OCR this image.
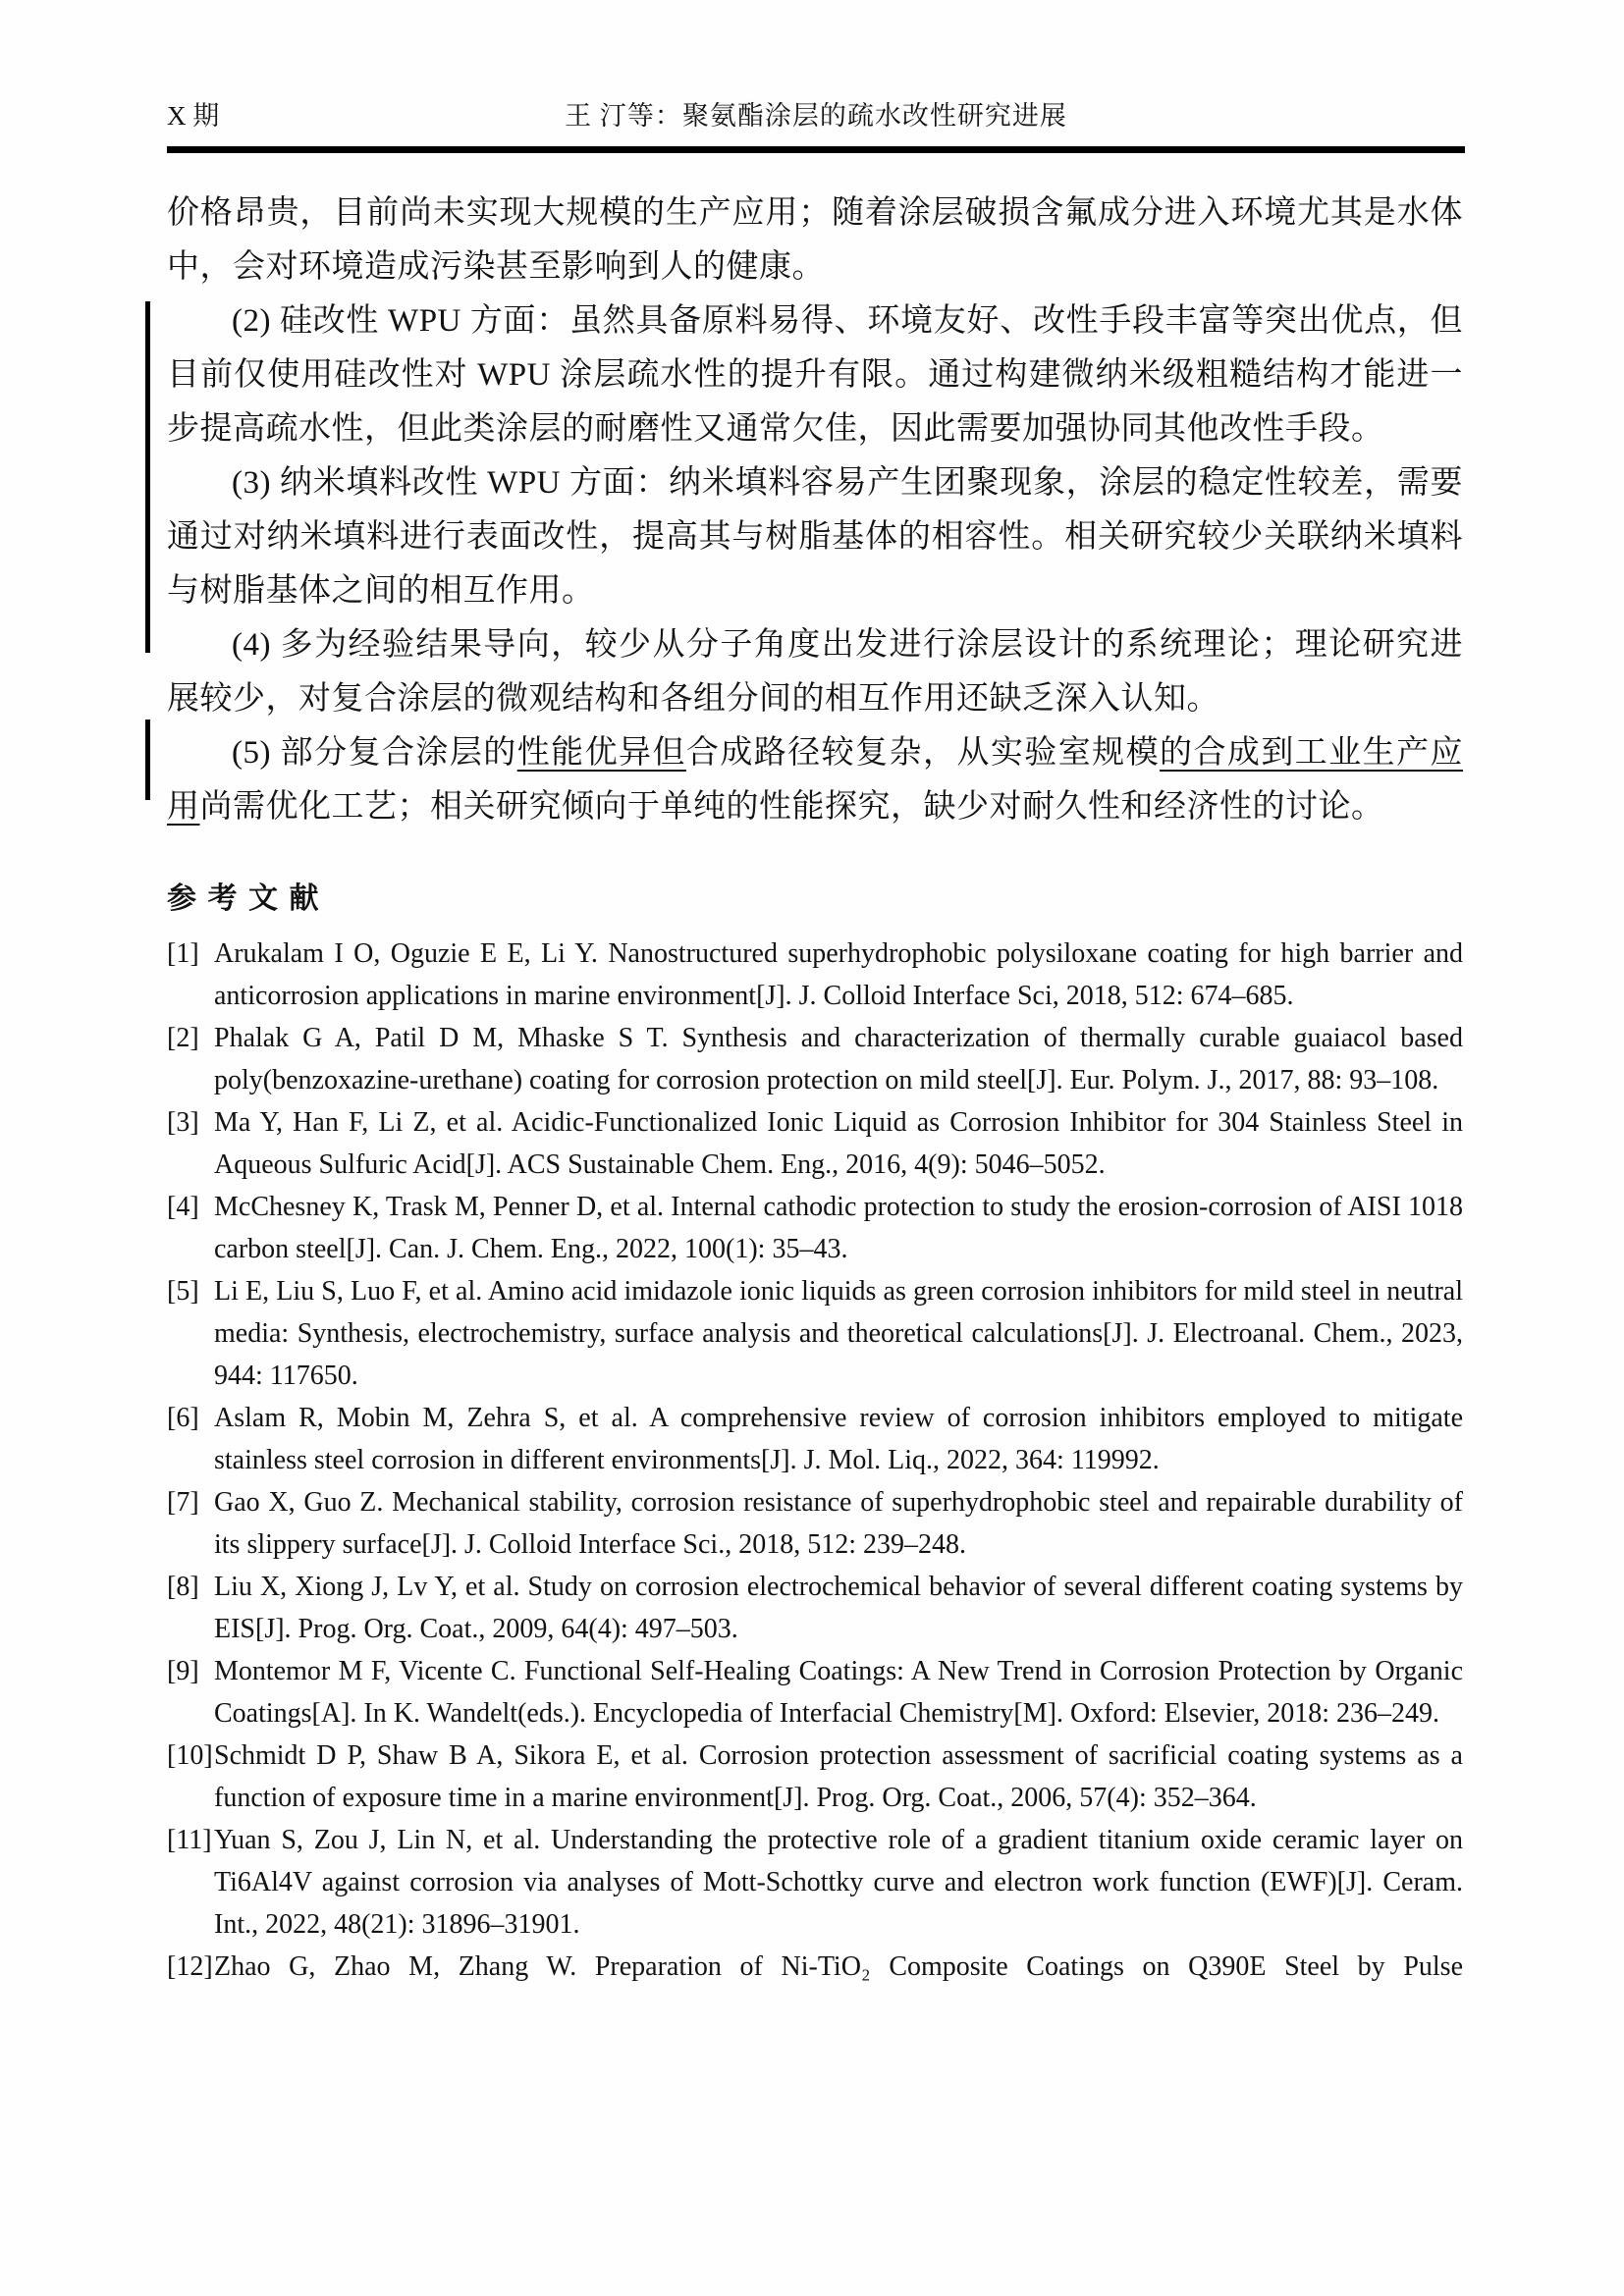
X 期	王 汀等：聚氨酯涂层的疏水改性研究进展

价格昂贵，目前尚未实现大规模的生产应用；随着涂层破损含氟成分进入环境尤其是水体中，会对环境造成污染甚至影响到人的健康。

(2) 硅改性 WPU 方面：虽然具备原料易得、环境友好、改性手段丰富等突出优点，但目前仅使用硅改性对 WPU 涂层疏水性的提升有限。通过构建微纳米级粗糙结构才能进一步提高疏水性，但此类涂层的耐磨性又通常欠佳，因此需要加强协同其他改性手段。

(3) 纳米填料改性 WPU 方面：纳米填料容易产生团聚现象，涂层的稳定性较差，需要通过对纳米填料进行表面改性，提高其与树脂基体的相容性。相关研究较少关联纳米填料与树脂基体之间的相互作用。

(4) 多为经验结果导向，较少从分子角度出发进行涂层设计的系统理论；理论研究进展较少，对复合涂层的微观结构和各组分间的相互作用还缺乏深入认知。

(5) 部分复合涂层的性能优异但合成路径较复杂，从实验室规模的合成到工业生产应用尚需优化工艺；相关研究倾向于单纯的性能探究，缺少对耐久性和经济性的讨论。

参 考 文 献
[1] Arukalam I O, Oguzie E E, Li Y. Nanostructured superhydrophobic polysiloxane coating for high barrier and anticorrosion applications in marine environment[J]. J. Colloid Interface Sci, 2018, 512: 674–685.

[2] Phalak G A, Patil D M, Mhaske S T. Synthesis and characterization of thermally curable guaiacol based poly(benzoxazine-urethane) coating for corrosion protection on mild steel[J]. Eur. Polym. J., 2017, 88: 93–108.

[3] Ma Y, Han F, Li Z, et al. Acidic-Functionalized Ionic Liquid as Corrosion Inhibitor for 304 Stainless Steel in Aqueous Sulfuric Acid[J]. ACS Sustainable Chem. Eng., 2016, 4(9): 5046–5052.

[4] McChesney K, Trask M, Penner D, et al. Internal cathodic protection to study the erosion-corrosion of AISI 1018 carbon steel[J]. Can. J. Chem. Eng., 2022, 100(1): 35–43.

[5] Li E, Liu S, Luo F, et al. Amino acid imidazole ionic liquids as green corrosion inhibitors for mild steel in neutral media: Synthesis, electrochemistry, surface analysis and theoretical calculations[J]. J. Electroanal. Chem., 2023, 944: 117650.

[6] Aslam R, Mobin M, Zehra S, et al. A comprehensive review of corrosion inhibitors employed to mitigate stainless steel corrosion in different environments[J]. J. Mol. Liq., 2022, 364: 119992.

[7] Gao X, Guo Z. Mechanical stability, corrosion resistance of superhydrophobic steel and repairable durability of its slippery surface[J]. J. Colloid Interface Sci., 2018, 512: 239–248.

[8] Liu X, Xiong J, Lv Y, et al. Study on corrosion electrochemical behavior of several different coating systems by EIS[J]. Prog. Org. Coat., 2009, 64(4): 497–503.

[9] Montemor M F, Vicente C. Functional Self-Healing Coatings: A New Trend in Corrosion Protection by Organic Coatings[A]. In K. Wandelt(eds.). Encyclopedia of Interfacial Chemistry[M]. Oxford: Elsevier, 2018: 236–249.

[10] Schmidt D P, Shaw B A, Sikora E, et al. Corrosion protection assessment of sacrificial coating systems as a function of exposure time in a marine environment[J]. Prog. Org. Coat., 2006, 57(4): 352–364.

[11] Yuan S, Zou J, Lin N, et al. Understanding the protective role of a gradient titanium oxide ceramic layer on Ti6Al4V against corrosion via analyses of Mott-Schottky curve and electron work function (EWF)[J]. Ceram. Int., 2022, 48(21): 31896–31901.

[12] Zhao G, Zhao M, Zhang W. Preparation of Ni-TiO₂ Composite Coatings on Q390E Steel by Pulse
